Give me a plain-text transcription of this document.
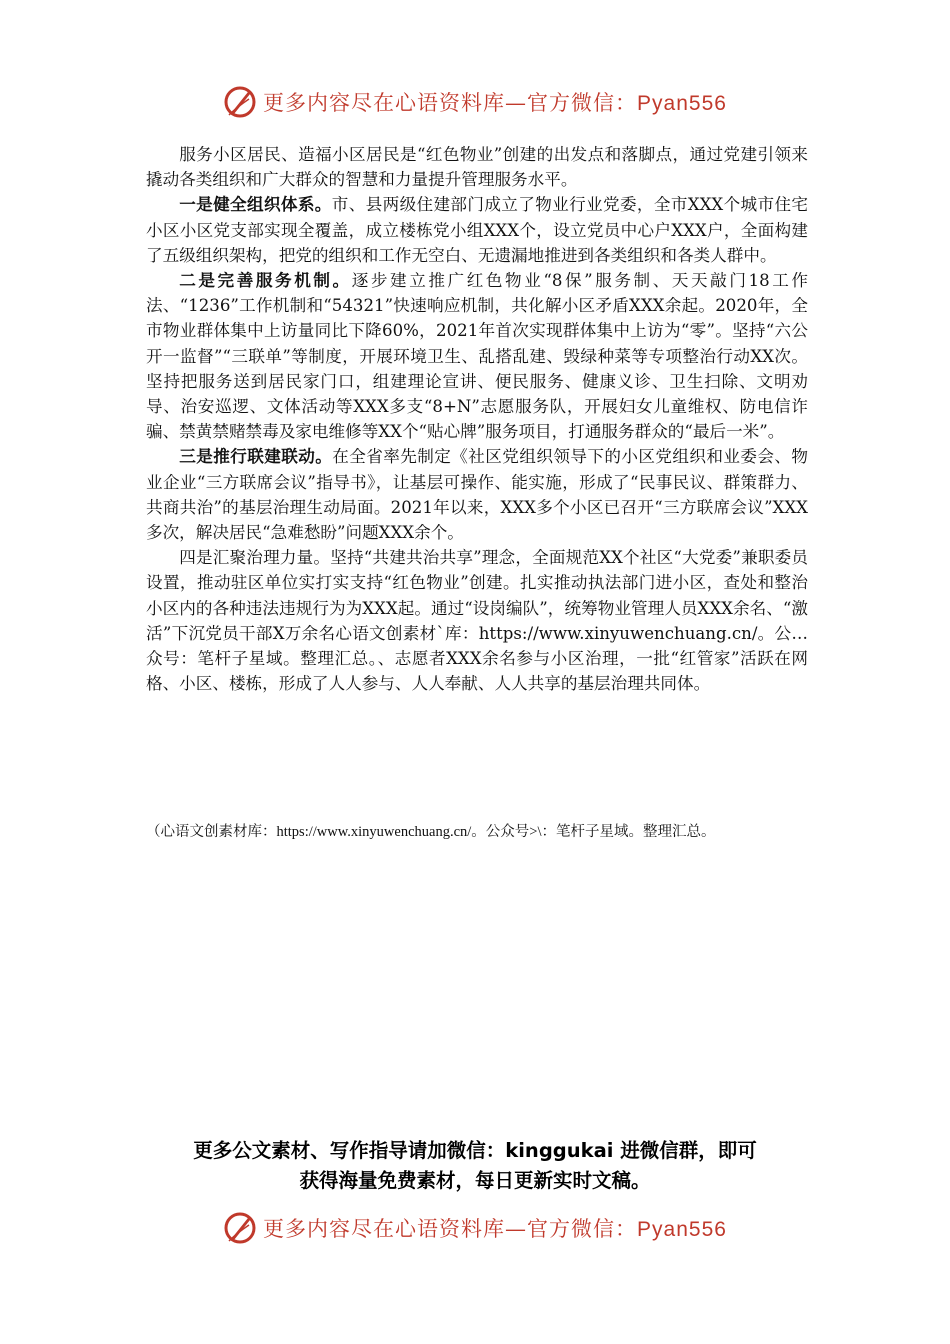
更多内容尽在心语资料库—官方微信：Pyan556

服务小区居民、造福小区居民是“红色物业”创建的出发点和落脚点，通过党建引领来撬动各类组织和广大群众的智慧和力量提升管理服务水平。

一是健全组织体系。市、县两级住建部门成立了物业行业党委，全市XXX个城市住宅小区小区党支部实现全覆盖，成立楼栋党小组XXX个，设立党员中心户XXX户，全面构建了五级组织架构，把党的组织和工作无空白、无遗漏地推进到各类组织和各类人群中。

二是完善服务机制。逐步建立推广红色物业“8保”服务制、天天敲门18工作法、“1236”工作机制和“54321”快速响应机制，共化解小区矛盾XXX余起。2020年，全市物业群体集中上访量同比下降60%，2021年首次实现群体集中上访为“零”。坚持“六公开一监督”“三联单”等制度，开展环境卫生、乱搭乱建、毁绿种菜等专项整治行动XX次。坚持把服务送到居民家门口，组建理论宣讲、便民服务、健康义诊、卫生扫除、文明劝导、治安巡逻、文体活动等XXX多支“8+N”志愿服务队，开展妇女儿童维权、防电信诈骗、禁黄禁赌禁毒及家电维修等XX个“贴心牌”服务项目，打通服务群众的“最后一米”。

三是推行联建联动。在全省率先制定《社区党组织领导下的小区党组织和业委会、物业企业“三方联席会议”指导书》，让基层可操作、能实施，形成了“民事民议、群策群力、共商共治”的基层治理生动局面。2021年以来，XXX多个小区已召开“三方联席会议”XXX多次，解决居民“急难愁盼”问题XXX余个。

四是汇聚治理力量。坚持“共建共治共享”理念，全面规范XX个社区“大党委”兼职委员设置，推动驻区单位实打实支持“红色物业”创建。扎实推动执法部门进小区，查处和整治小区内的各种违法违规行为为XXX起。通过“设岗编队”，统筹物业管理人员XXX余名、“激活”下沉党员干部X万余名心语文创素材`库：https://www.xinyuwenchuang.cn/。公…众号：笔杆子星域。整理汇总。、志愿者XXX余名参与小区治理，一批“红管家”活跃在网格、小区、楼栋，形成了人人参与、人人奉献、人人共享的基层治理共同体。

（心语文创素材库：https://www.xinyuwenchuang.cn/。公众号>\：笔杆子星域。整理汇总。
更多公文素材、写作指导请加微信：kinggukai 进微信群，即可
获得海量免费素材，每日更新实时文稿。
更多内容尽在心语资料库—官方微信：Pyan556
